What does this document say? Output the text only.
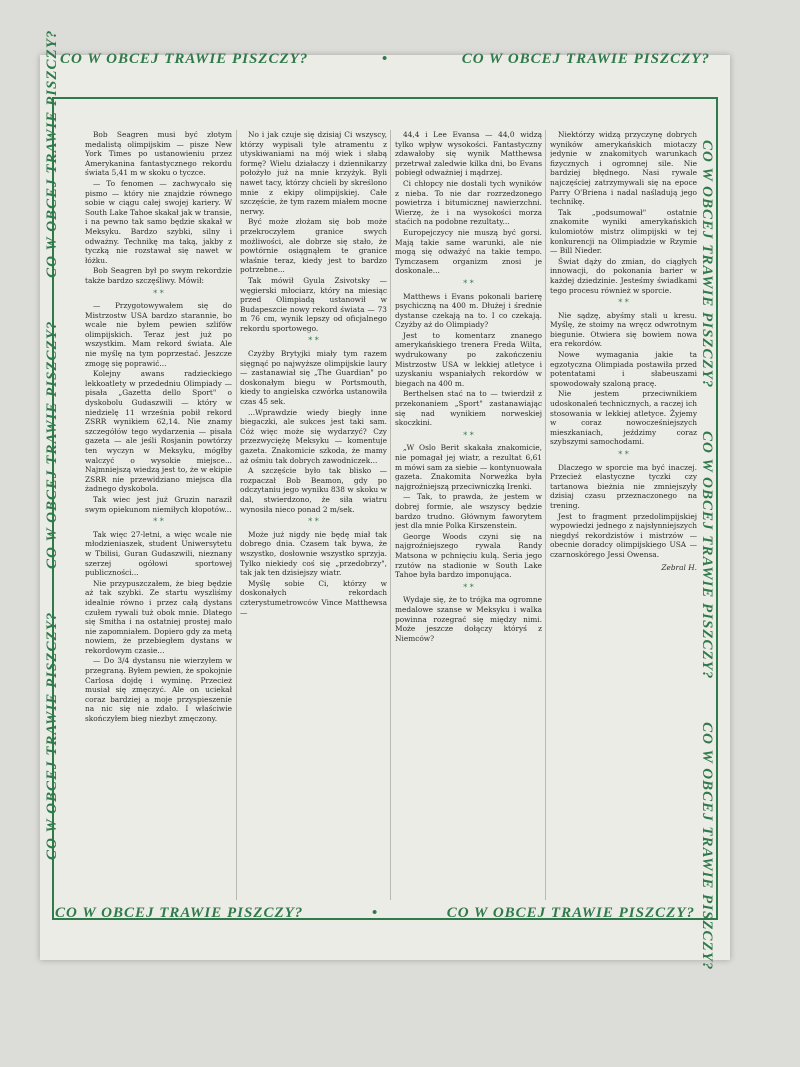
CO W OBCEJ TRAWIE PISZCZY?	•	CO W OBCEJ TRAWIE PISZCZY?
CO W OBCEJ TRAWIE PISZCZY?	•	CO W OBCEJ TRAWIE PISZCZY?
CO W OBCEJ TRAWIE PISZCZY? CO W OBCEJ TRAWIE PISZCZY? CO W OBCEJ TRAWIE PISZCZY?	CO W OBCEJ TRAWIE PISZCZY? CO W OBCEJ TRAWIE PISZCZY? CO W OBCEJ TRAWIE PISZCZY?

Bob Seagren musi być złotym medalistą olimpijskim — pisze New York Times po ustanowieniu przez Amerykanina fantastycznego rekordu świata 5,41 m w skoku o tyczce.

— To fenomen — zachwycało się pismo — który nie znajdzie równego sobie w ciągu całej swojej kariery. W South Lake Tahoe skakał jak w transie, i na pewno tak samo będzie skakał w Meksyku. Bardzo szybki, silny i odważny. Technikę ma taką, jakby z tyczką nie rozstawał się nawet w łóżku.

Bob Seagren był po swym rekordzie także bardzo szczęśliwy. Mówił:

* *

— Przygotowywałem się do Mistrzostw USA bardzo starannie, bo wcale nie byłem pewien szlifów olimpijskich. Teraz jest już po wszystkim. Mam rekord świata. Ale nie myślę na tym poprzestać. Jeszcze zmogę się poprawić...

Kolejny awans radzieckiego lekkoatlety w przededniu Olimpiady — pisała „Gazetta dello Sport" o dyskobolu Gudaszwili — który w niedzielę 11 września pobił rekord ZSRR wynikiem 62,14. Nie znamy szczegółów tego wydarzenia — pisała gazeta — ale jeśli Rosjanin powtórzy ten wyczyn w Meksyku, mógłby walczyć o wysokie miejsce... Najmniejszą wiedzą jest to, że w ekipie ZSRR nie przewidziano miejsca dla żadnego dyskobola.

Tak wiec jest już Gruzin naraził swym opiekunom niemiłych kłopotów...

* *

Tak więc 27-letni, a więc wcale nie młodzieniaszek, student Uniwersytetu w Tbilisi, Guran Gudaszwili, nieznany szerzej ogółowi sportowej publiczności...

Nie przypuszczałem, że bieg będzie aż tak szybki. Ze startu wyszliśmy idealnie równo i przez całą dystans czułem rywali tuż obok mnie. Dlatego się Smitha i na ostatniej prostej mało nie zapomniałem. Dopiero gdy za metą nowiem, że przebiegłem dystans w rekordowym czasie...

— Do 3/4 dystansu nie wierzyłem w przegraną. Byłem pewien, że spokojnie Carlosa dojdę i wyminę. Przecież musiał się zmęczyć. Ale on uciekał coraz bardziej a moje przyspieszenie na nic się nie zdało. I właściwie skończyłem bieg niezbyt zmęczony.

No i jak czuje się dzisiaj Ci wszyscy, którzy wypisali tyle atramentu z utyskiwaniami na mój wiek i słabą formę? Wielu działaczy i dziennikarzy położyło już na mnie krzyżyk. Byli nawet tacy, którzy chcieli by skreślono mnie z ekipy olimpijskiej. Całe szczęście, że tym razem miałem mocne nerwy.

Być może złożam się bob może przekroczyłem granice swych możliwości, ale dobrze się stało, że powtórnie osiągnąłem te granice właśnie teraz, kiedy jest to bardzo potrzebne...

Tak mówił Gyula Zsivotsky — węgierski młociarz, który na miesiąc przed Olimpiadą ustanowił w Budapeszcie nowy rekord świata — 73 m 76 cm, wynik lepszy od oficjalnego rekordu sportowego.

* *

Czyżby Brytyjki miały tym razem sięgnąć po najwyższe olimpijskie laury — zastanawiał się „The Guardian" po doskonałym biegu w Portsmouth, kiedy to angielska czwórka ustanowiła czas 45 sek.

...Wprawdzie wiedy biegły inne biegaczki, ale sukces jest taki sam. Cóż więc może się wydarzyć? Czy przezwyciężę Meksyku — komentuje gazeta. Znakomicie szkoda, że mamy aż ośmiu tak dobrych zawodniczek...

A szczęście było tak blisko — rozpaczał Bob Beamon, gdy po odczytaniu jego wyniku 838 w skoku w dal, stwierdzono, że siła wiatru wynosiła nieco ponad 2 m/sek.

* *

Może już nigdy nie będę miał tak dobrego dnia. Czasem tak bywa, że wszystko, dosłownie wszystko sprzyja. Tylko niekiedy coś się „przedobrzy", tak jak ten dzisiejszy wiatr.

Myślę sobie Ci, którzy w doskonałych rekordach czterystumetrowców Vince Matthewsa —

44,4 i Lee Evansa — 44,0 widzą tylko wpływ wysokości. Fantastyczny zdawałoby się wynik Matthewsa przetrwał zaledwie kilka dni, bo Evans pobiegł odważniej i mądrzej.

Ci chłopcy nie dostali tych wyników z nieba. To nie dar rozrzedzonego powietrza i bitumicznej nawierzchni. Wierzę, że i na wysokości morza staćich na podobne rezultaty...

Europejczycy nie muszą być gorsi. Mają takie same warunki, ale nie mogą się odważyć na takie tempo. Tymczasem organizm znosi je doskonale...

* *

Matthews i Evans pokonali barierę psychiczną na 400 m. Dłużej i średnie dystanse czekają na to. I co czekają. Czyżby aż do Olimpiady?

Jest to komentarz znanego amerykańskiego trenera Freda Wilta, wydrukowany po zakończeniu Mistrzostw USA w lekkiej atletyce i uzyskaniu wspaniałych rekordów w biegach na 400 m.

Berthelsen stać na to — twierdził z przekonaniem „Sport" zastanawiając się nad wynikiem norweskiej skoczkini.

* *

„W Oslo Berit skakała znakomicie, nie pomagał jej wiatr, a rezultat 6,61 m mówi sam za siebie — kontynuowała gazeta. Znakomita Norweżka była najgroźniejszą przeciwniczką Irenki.

— Tak, to prawda, że jestem w dobrej formie, ale wszyscy będzie bardzo trudno. Głównym faworytem jest dla mnie Polka Kirszenstein.

George Woods czyni się na najgroźniejszego rywala Randy Matsona w pchnięciu kulą. Seria jego rzutów na stadionie w South Lake Tahoe była bardzo imponująca.

* *

Wydaje się, że to trójka ma ogromne medalowe szanse w Meksyku i walka powinna rozegrać się między nimi. Może jeszcze dołączy któryś z Niemców?

Niektórzy widzą przyczynę dobrych wyników amerykańskich miotaczy jedynie w znakomitych warunkach fizycznych i ogromnej sile. Nie bardziej błędnego. Nasi rywale najczęściej zatrzymywali się na epoce Parry O'Briena i nadal naśladują jego technikę.

Tak „podsumował" ostatnie znakomite wyniki amerykańskich kulomiotów mistrz olimpijski w tej konkurencji na Olimpiadzie w Rzymie — Bill Nieder.

Świat dąży do zmian, do ciągłych innowacji, do pokonania barier w każdej dziedzinie. Jesteśmy świadkami tego procesu również w sporcie.

* *

Nie sądzę, abyśmy stali u kresu. Myślę, że stoimy na wręcz odwrotnym biegunie. Otwiera się bowiem nowa era rekordów.

Nowe wymagania jakie ta egzotyczna Olimpiada postawiła przed potentatami i słabeuszami spowodowały szaloną pracę.

Nie jestem przeciwnikiem udoskonaleń technicznych, a raczej ich stosowania w lekkiej atletyce. Żyjemy w coraz nowocześniejszych mieszkaniach, jeździmy coraz szybszymi samochodami.

* *

Dlaczego w sporcie ma być inaczej. Przecież elastyczne tyczki czy tartanowa bieżnia nie zmniejszyły dzisiaj czasu przeznaczonego na trening.

Jest to fragment przedolimpijskiej wypowiedzi jednego z najsłynniejszych niegdyś rekordzistów i mistrzów — obecnie doradcy olimpijskiego USA — czarnoskórego Jessi Owensa.

Zebral H.
